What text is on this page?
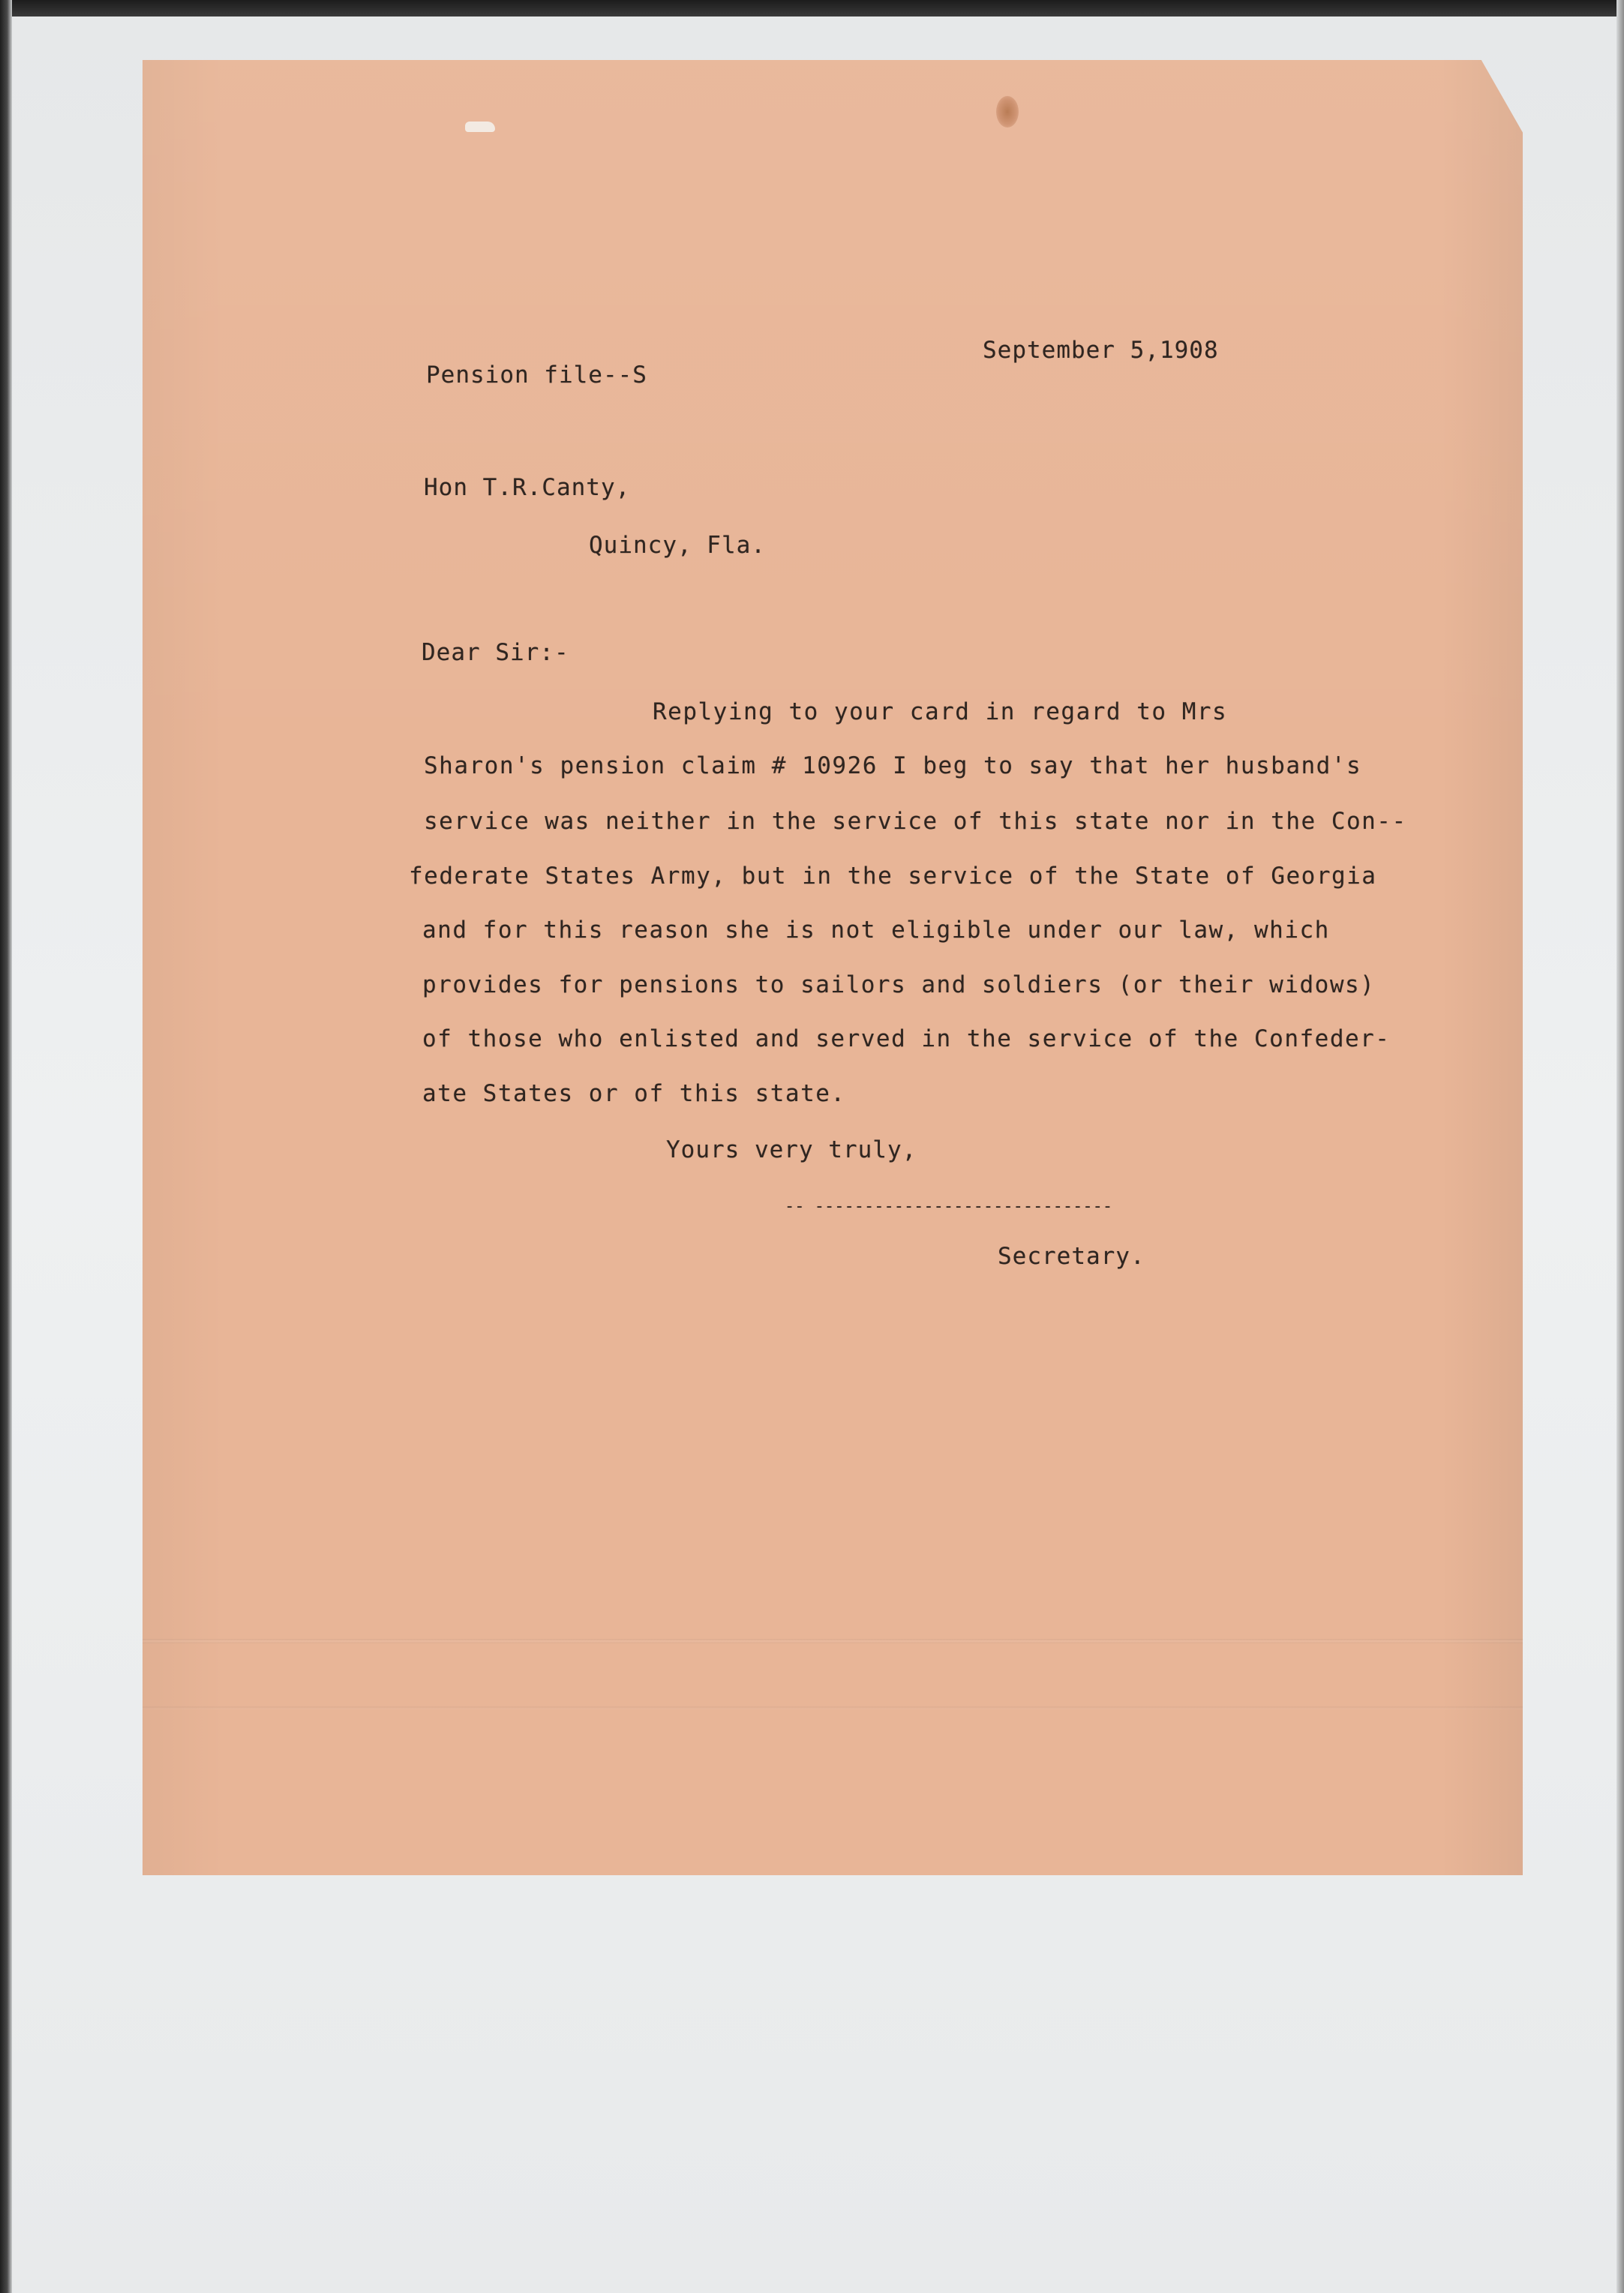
September 5,1908
Pension file--S
Hon T.R.Canty,
Quincy, Fla.
Dear Sir:-
Replying to your card in regard to Mrs
Sharon's pension claim # 10926 I beg to say that her husband's
service was neither in the service of this state nor in the Con--
federate States Army, but in the service of the State of Georgia
and for this reason she is not eligible under our law, which
provides for pensions to sailors and soldiers (or their widows)
of those who enlisted and served in the service of the Confeder-
ate States or of this state.
Yours very truly,
-- ------------------------------
Secretary.
